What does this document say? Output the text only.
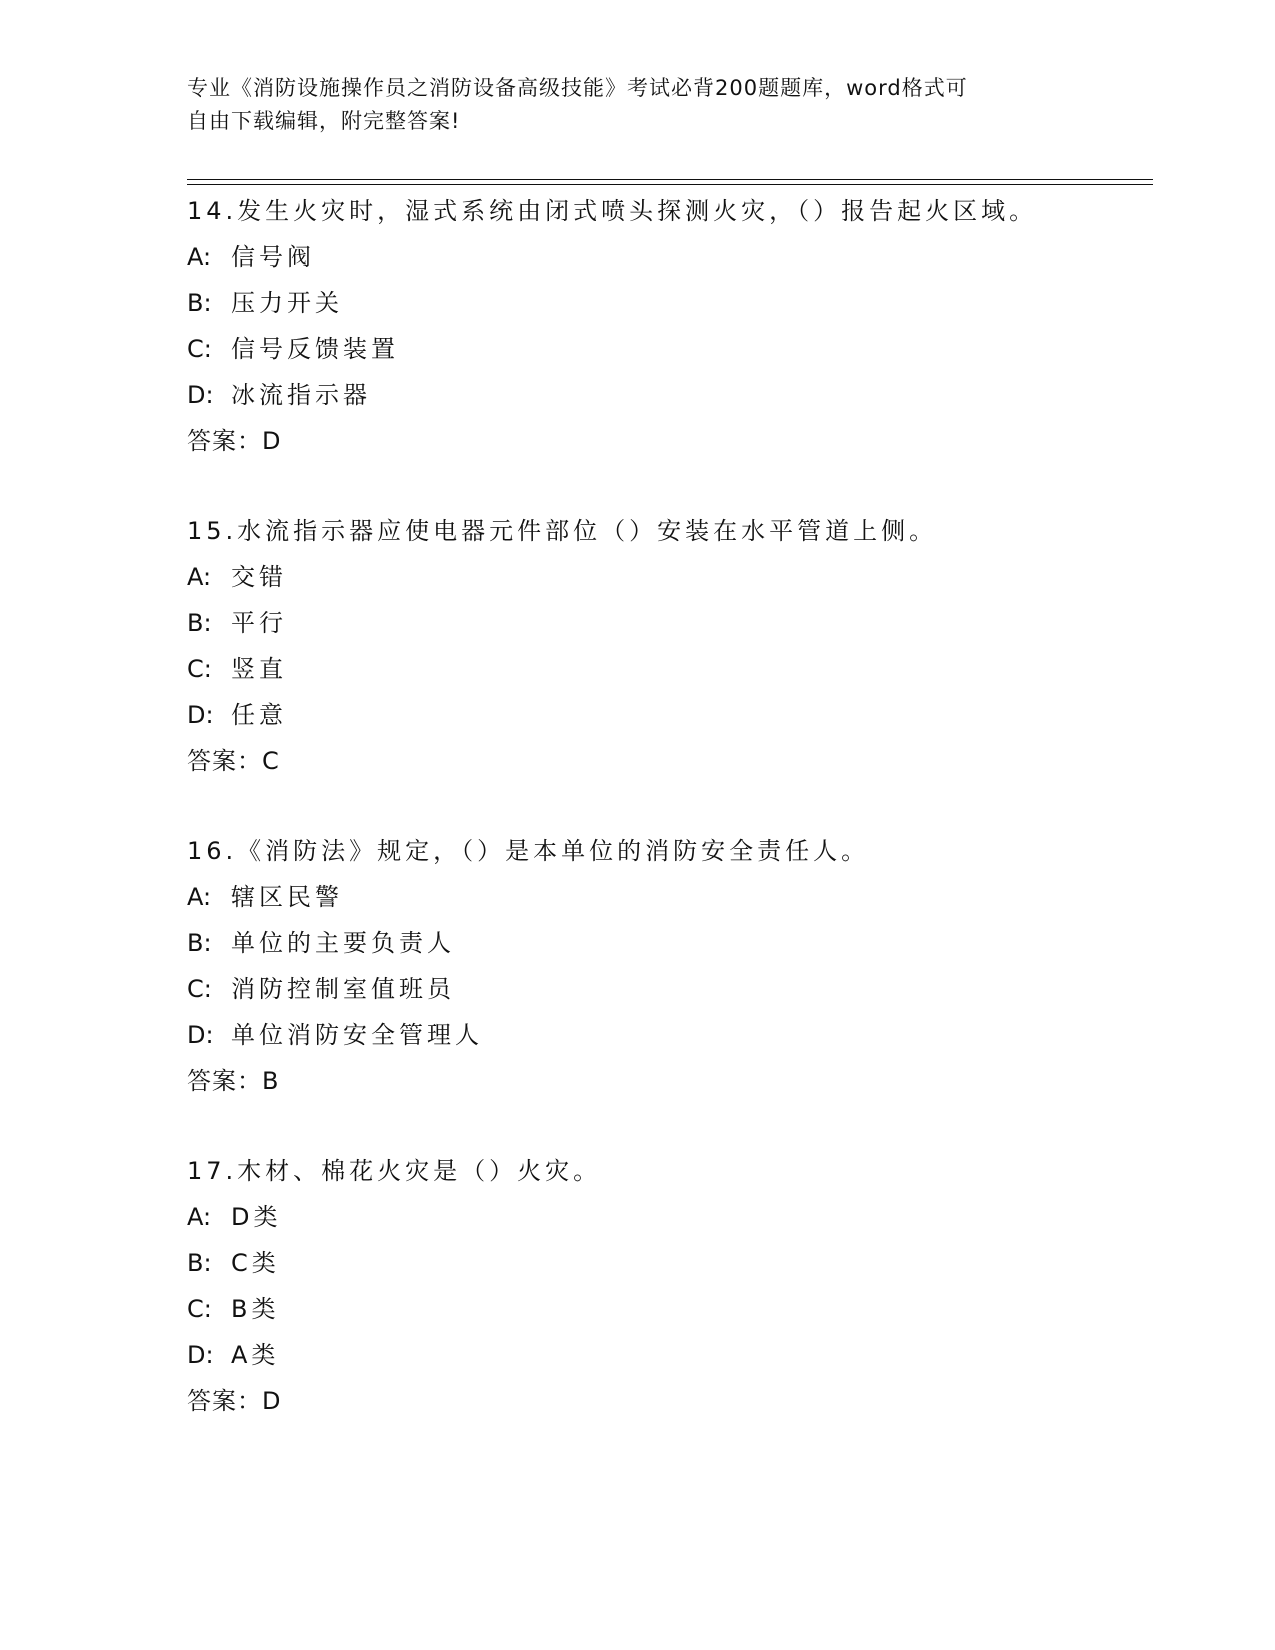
专业《消防设施操作员之消防设备高级技能》考试必背200题题库，word格式可
自由下载编辑，附完整答案!
14.发生火灾时，湿式系统由闭式喷头探测火灾，（）报告起火区域。
A: 信号阀
B: 压力开关
C: 信号反馈装置
D: 冰流指示器
答案：D
15.水流指示器应使电器元件部位（）安装在水平管道上侧。
A: 交错
B: 平行
C: 竖直
D: 任意
答案：C
16.《消防法》规定，（）是本单位的消防安全责任人。
A: 辖区民警
B: 单位的主要负责人
C: 消防控制室值班员
D: 单位消防安全管理人
答案：B
17.木材、棉花火灾是（）火灾。
A: D类
B: C类
C: B类
D: A类
答案：D
